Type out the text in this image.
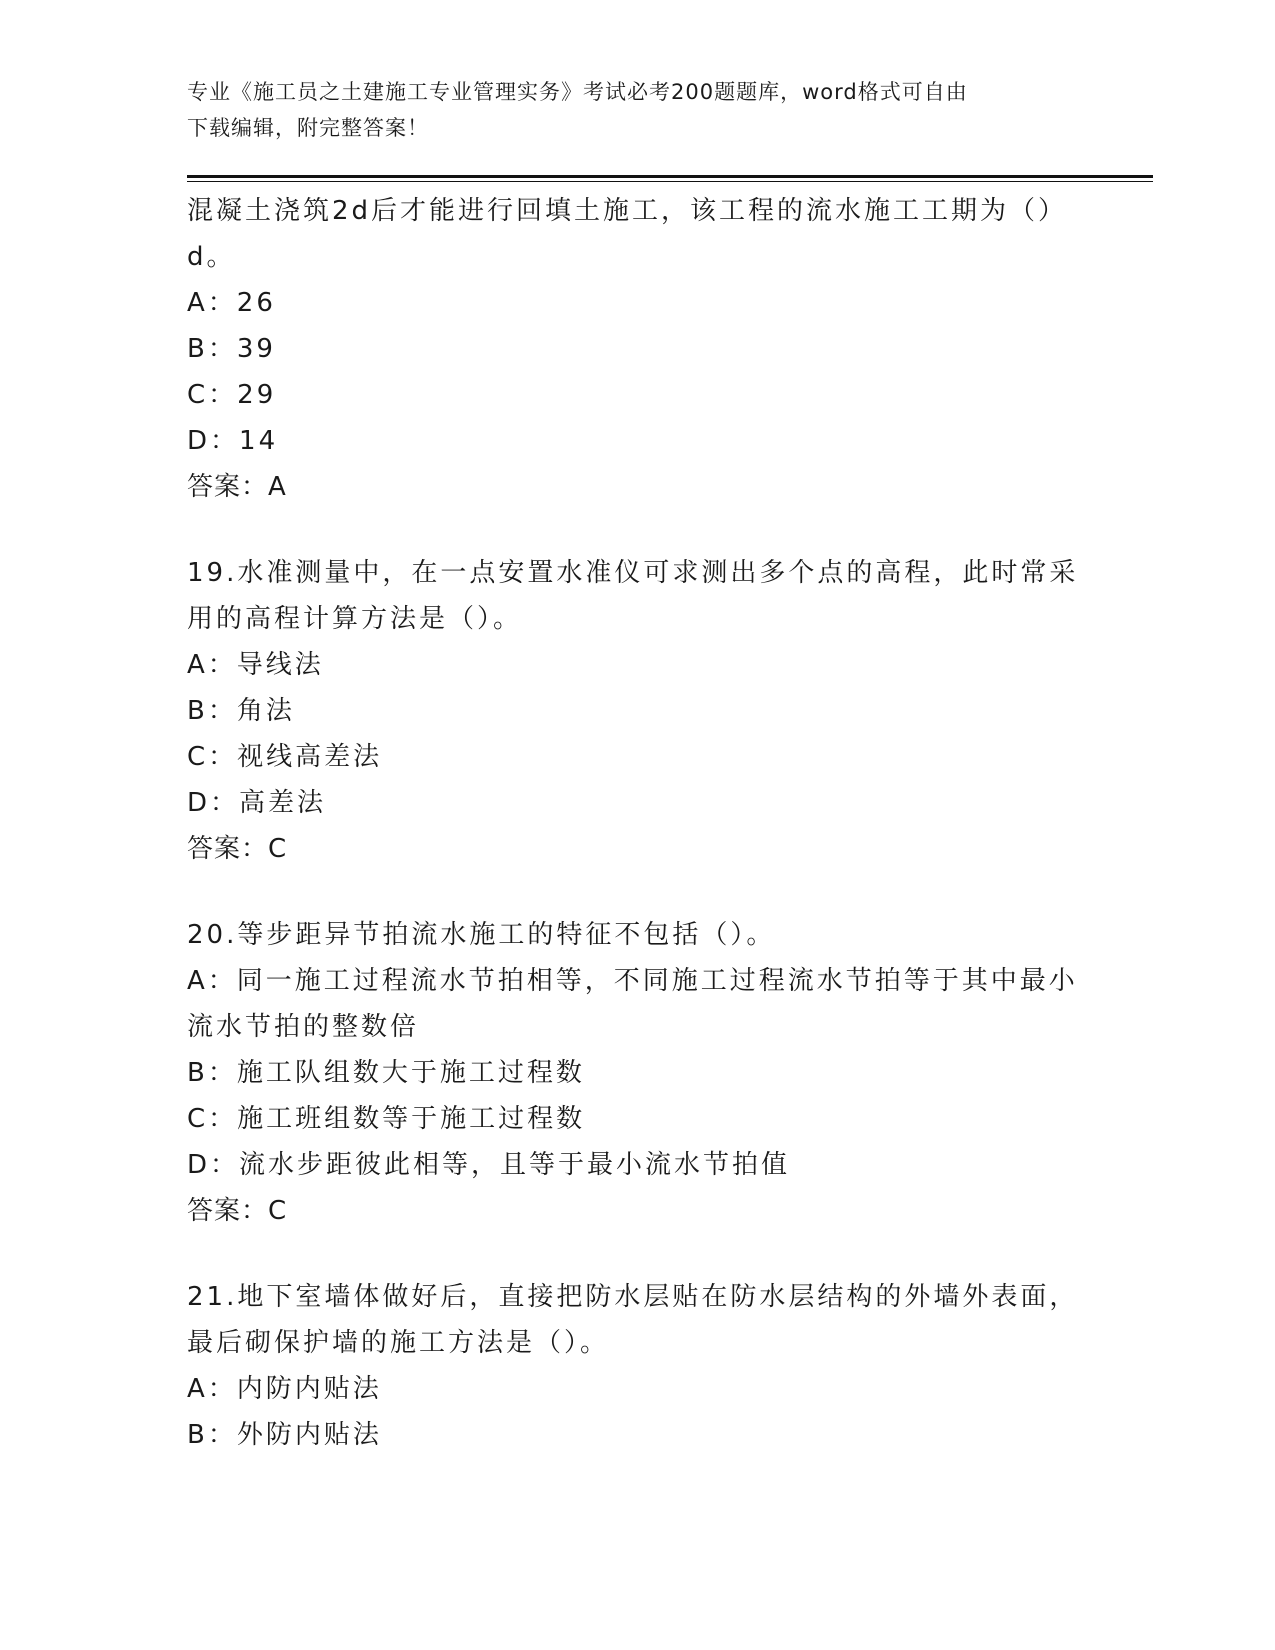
专业《施工员之土建施工专业管理实务》考试必考200题题库，word格式可自由
下载编辑，附完整答案！
混凝土浇筑2d后才能进行回填土施工，该工程的流水施工工期为（）
d。
A：26
B：39
C：29
D：14
答案：A
19.水准测量中，在一点安置水准仪可求测出多个点的高程，此时常采
用的高程计算方法是（）。
A：导线法
B：角法
C：视线高差法
D：高差法
答案：C
20.等步距异节拍流水施工的特征不包括（）。
A：同一施工过程流水节拍相等，不同施工过程流水节拍等于其中最小
流水节拍的整数倍
B：施工队组数大于施工过程数
C：施工班组数等于施工过程数
D：流水步距彼此相等，且等于最小流水节拍值
答案：C
21.地下室墙体做好后，直接把防水层贴在防水层结构的外墙外表面，
最后砌保护墙的施工方法是（）。
A：内防内贴法
B：外防内贴法
